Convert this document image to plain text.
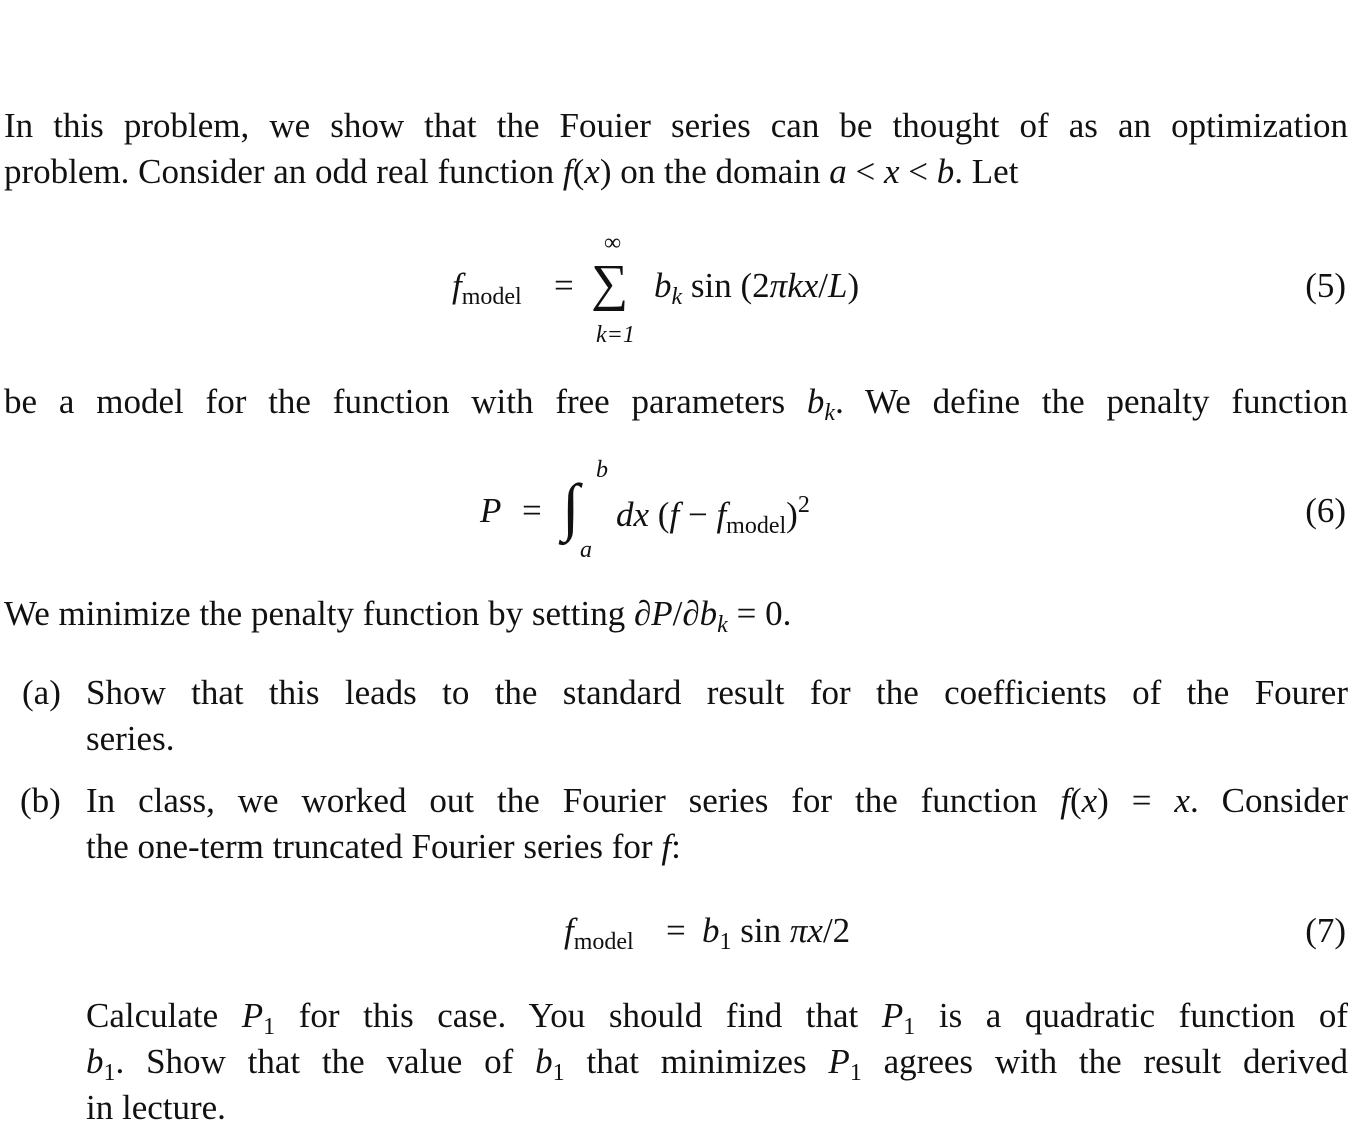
In this problem, we show that the Fouier series can be thought of as an optimization
problem. Consider an odd real function f(x) on the domain a < x < b. Let
$f_{model}$ = ∑
∞
k=1
$b_k$ sin (2πkx/L)	(5)
be a model for the function with free parameters $b_k$. We define the penalty function
P = ∫
b
a
dx $(f - f_{model})^2$	(6)
We minimize the penalty function by setting $\partial P/\partial b_k = 0$.
(a) Show that this leads to the standard result for the coefficients of the Fourer
series.
(b) In class, we worked out the Fourier series for the function f(x) = x. Consider
the one-term truncated Fourier series for f:
$f_{model} = b_1$ sin πx/2	(7)
Calculate $P_1$ for this case. You should find that $P_1$ is a quadratic function of
$b_1$. Show that the value of $b_1$ that minimizes $P_1$ agrees with the result derived
in lecture.
